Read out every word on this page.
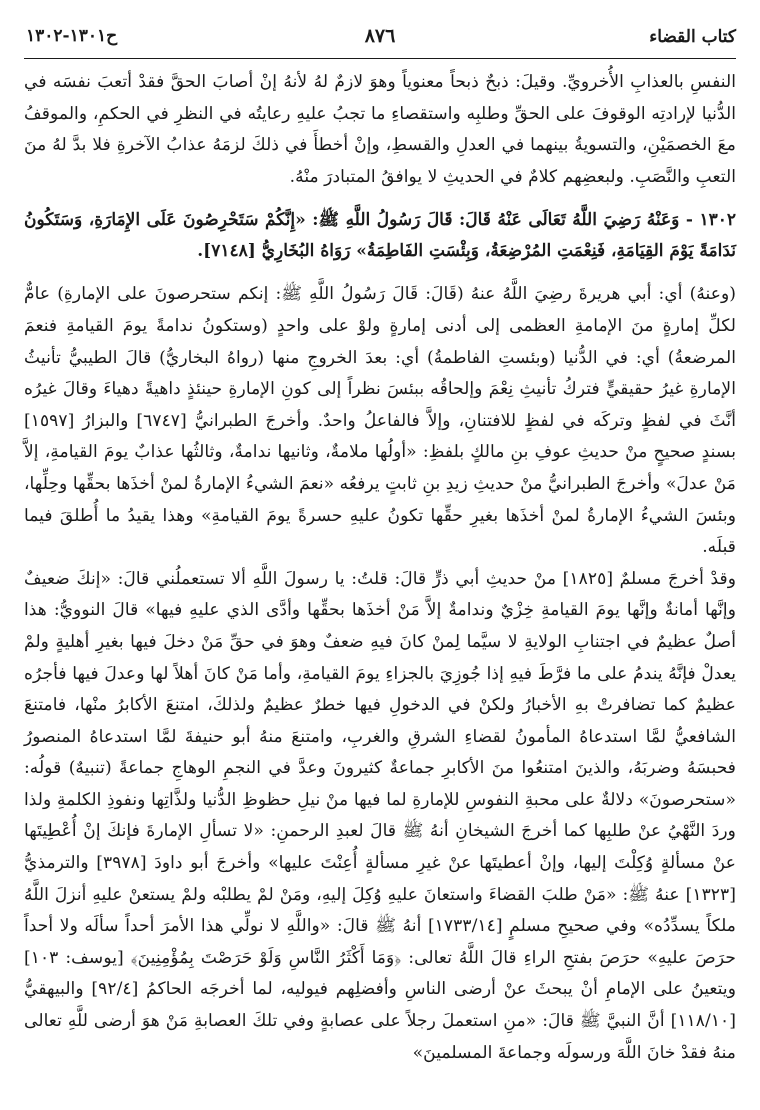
كتاب القضاء
٨٧٦
ح١٣٠١-١٣٠٢

النفسِ بالعذابِ الأُخرويِّ. وقيلَ: ذبحٌ ذبحاً معنوياً وهوَ لازمٌ لهُ لأنهُ إنْ أصابَ الحقَّ فقدْ أتعبَ نفسَه في الدُّنيا لإرادتِه الوقوفَ على الحقِّ وطلبِه واستقصاءِ ما تجبُ عليهِ رعايتُه في النظرِ في الحكمِ، والموقفُ معَ الخصمَيْنِ، والتسويةُ بينهما في العدلِ والقسطِ، وإنْ أخطأَ في ذلكَ لزمَهُ عذابُ الآخرةِ فلا بدَّ لهُ منَ التعبِ والنَّصَبِ. ولبعضِهم كلامٌ في الحديثِ لا يوافقُ المتبادرَ منْهُ.

١٣٠٢ - وَعَنْهُ رَضِيَ اللَّهُ تَعَالَى عَنْهُ قَالَ: قَالَ رَسُولُ اللَّهِ ﷺ: «إِنَّكُمْ سَتَحْرِصُونَ عَلَى الإِمَارَةِ، وَسَتَكُونُ نَدَامَةً يَوْمَ القِيَامَةِ، فَنِعْمَتِ المُرْضِعَةُ، وَبِئْسَتِ الفَاطِمَةُ» رَوَاهُ البُخَارِيُّ [٧١٤٨].

(وعنهُ) أي: أبي هريرةَ رضِيَ اللَّهُ عنهُ (قَالَ: قَالَ رَسُولُ اللَّهِ ﷺ: إنكم ستحرصونَ على الإمارةِ) عامٌّ لكلِّ إمارةٍ منَ الإمامةِ العظمى إلى أدنى إمارةٍ ولوْ على واحدٍ (وستكونُ ندامةً يومَ القيامةِ فنعمَ المرضعةُ) أي: في الدُّنيا (وبئستِ الفاطمةُ) أي: بعدَ الخروجِ منها (رواهُ البخاريُّ) قالَ الطيبيُّ تأنيثُ الإمارةِ غيرُ حقيقيٍّ فتركُ تأنيثِ نِعْمَ وإلحاقُه ببئسَ نظراً إلى كونِ الإمارةِ حينئذٍ داهيةً دهياءَ وقالَ غيرُه أنَّثَ في لفظٍ وتركَه في لفظٍ للافتنانِ، وإلاَّ فالفاعلُ واحدٌ. وأخرجَ الطبرانيُّ [٦٧٤٧] والبزارُ [١٥٩٧] بسندٍ صحيحٍ منْ حديثِ عوفِ بنِ مالكٍ بلفظِ: «أولُها ملامةٌ، وثانيها ندامةٌ، وثالثُها عذابٌ يومَ القيامةِ، إلاَّ مَنْ عدلَ» وأخرجَ الطبرانيُّ منْ حديثِ زيدِ بنِ ثابتٍ يرفعُه «نعمَ الشيءُ الإمارةُ لمنْ أخذَها بحقِّها وحِلِّها، وبئسَ الشيءُ الإمارةُ لمنْ أخذَها بغيرِ حقِّها تكونُ عليهِ حسرةً يومَ القيامةِ» وهذا يقيدُ ما أُطلقَ فيما قبلَه.

وقدْ أخرجَ مسلمٌ [١٨٢٥] منْ حديثِ أبي ذرٍّ قالَ: قلتُ: يا رسولَ اللَّهِ ألا تستعملُني قالَ: «إنكَ ضعيفٌ وإنَّها أمانةٌ وإنَّها يومَ القيامةِ خِزْيٌ وندامةٌ إلاَّ مَنْ أخذَها بحقِّها وأدَّى الذي عليهِ فيها» قالَ النوويُّ: هذا أصلٌ عظيمٌ في اجتنابِ الولايةِ لا سيَّما لِمنْ كانَ فيهِ ضعفٌ وهوَ في حقِّ مَنْ دخلَ فيها بغيرِ أهليةٍ ولمْ يعدلْ فإنَّهُ يندمُ على ما فرَّطَ فيهِ إذا جُوزِيَ بالجزاءِ يومَ القيامةِ، وأما مَنْ كانَ أهلاً لها وعدلَ فيها فأجرُه عظيمٌ كما تضافرتْ بهِ الأخبارُ ولكنْ في الدخولِ فيها خطرٌ عظيمٌ ولذلكَ، امتنعَ الأكابرُ منْها، فامتنعَ الشافعيُّ لمَّا استدعاهُ المأمونُ لقضاءِ الشرقِ والغربِ، وامتنعَ منهُ أبو حنيفةَ لمَّا استدعاهُ المنصورُ فحبسَهُ وضربَهُ، والذينَ امتنعُوا منَ الأكابرِ جماعةٌ كثيرونَ وعدَّ في النجمِ الوهاجِ جماعةً (تنبيهٌ) قولُه: «ستحرصونَ» دلالةٌ على محبةِ النفوسِ للإمارةِ لما فيها منْ نيلِ حظوظِ الدُّنيا ولذَّاتِها ونفوذِ الكلمةِ ولذا وردَ النَّهْيُ عنْ طلبِها كما أخرجَ الشيخانِ أنهُ ﷺ قالَ لعبدِ الرحمنِ: «لا تسألِ الإمارةَ فإنكَ إنْ أُعْطِيتَها عنْ مسألةٍ وُكِلْتَ إليها، وإنْ أعطيتَها عنْ غيرِ مسألةٍ أُعِنْتَ عليها» وأخرجَ أبو داودَ [٣٩٧٨] والترمذيُّ [١٣٢٣] عنهُ ﷺ: «مَنْ طلبَ القضاءَ واستعانَ عليهِ وُكِلَ إليهِ، ومَنْ لمْ يطلبْه ولمْ يستعنْ عليهِ أنزلَ اللَّهُ ملكاً يسدِّدُه» وفي صحيحِ مسلمٍ [١٧٣٣/١٤] أنهُ ﷺ قالَ: «واللَّهِ لا نولِّي هذا الأمرَ أحداً سألَه ولا أحداً حرَصَ عليهِ» حرَصَ بفتحِ الراءِ قالَ اللَّهُ تعالى: ﴿وَمَا أَكْثَرُ النَّاسِ وَلَوْ حَرَصْتَ بِمُؤْمِنِينَ﴾ [يوسف: ١٠٣] ويتعينُ على الإمامِ أنْ يبحثَ عنْ أرضى الناسِ وأفضلِهم فيوليه، لما أخرجَه الحاكمُ [٩٢/٤] والبيهقيُّ [١١٨/١٠] أنَّ النبيَّ ﷺ قالَ: «منِ استعملَ رجلاً على عصابةٍ وفي تلكَ العصابةِ مَنْ هوَ أرضى للَّهِ تعالى منهُ فقدْ خانَ اللَّهَ ورسولَه وجماعةَ المسلمينَ»
